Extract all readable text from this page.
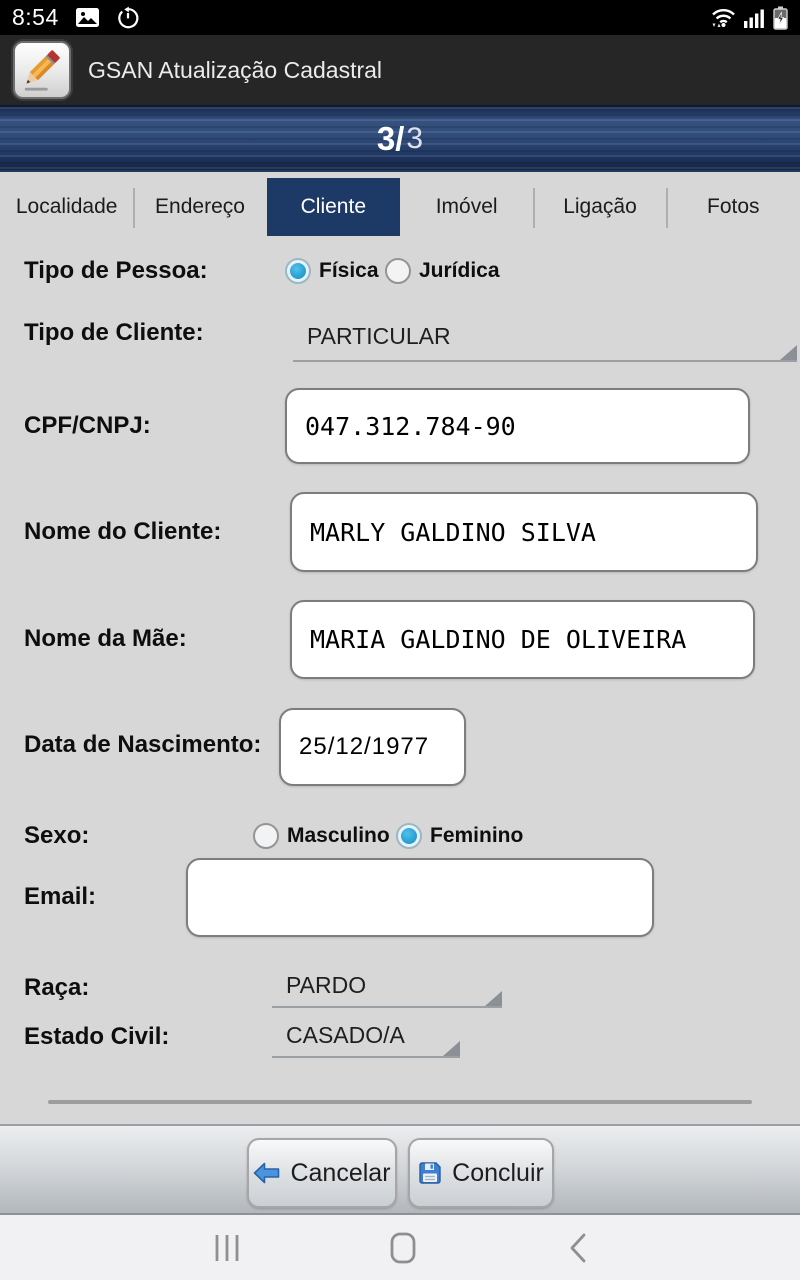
8:54
GSAN Atualização Cadastral
3/ 3
Localidade Endereço	Cliente	Imóvel	Ligação	Fotos
Tipo de Pessoa:	Física Jurídica
Tipo de Cliente:	PARTICULAR
CPF/CNPJ:
047.312.784-90
Nome do Cliente:
MARLY GALDINO SILVA
Nome da Mãe:
MARIA GALDINO DE OLIVEIRA
Data de Nascimento:
25/12/1977
Sexo:	Masculino Feminino
Email:
Raça:	PARDO
Estado Civil:	CASADO/A
Cancelar Concluir
